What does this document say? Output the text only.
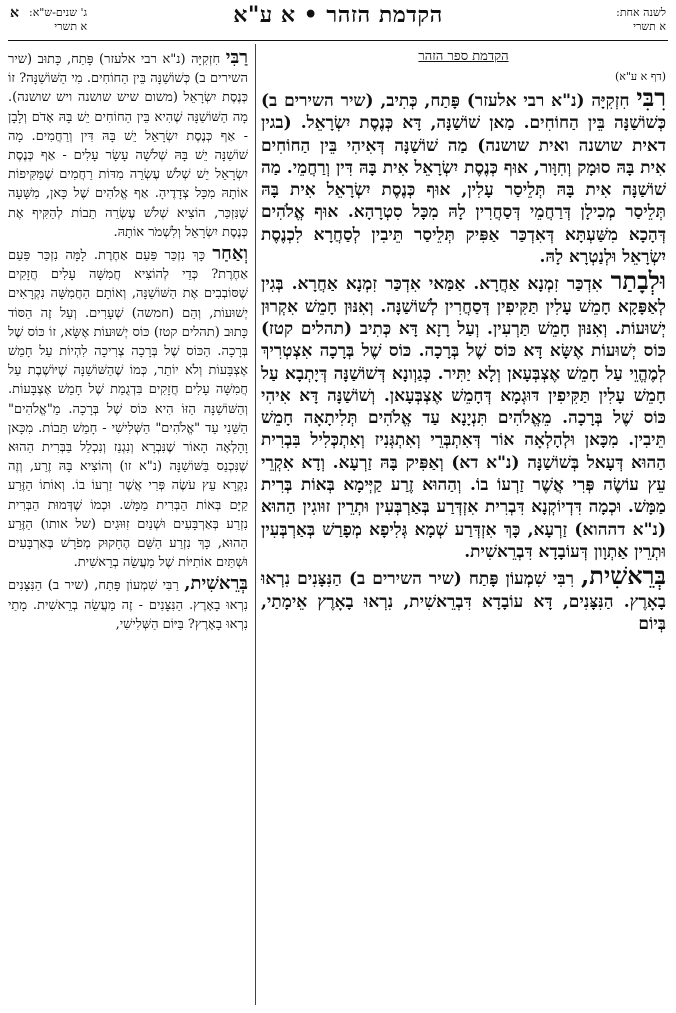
לשנה אחת:
א תשרי
הקדמת הזהר • א ע"א
ג' שנים-ש"א:
א תשרי
א
הקדמת ספר הזהר
(דף א ע"א)

רִבִּי חִזְקִיָּה (נ"א רבי אלעזר) פָּתַח, כְּתִיב, (שיר השירים ב) כְּשׁוֹשַׁנָּה בֵּין הַחוֹחִים. מַאן שׁוֹשַׁנָּה, דָּא כְּנֶסֶת יִשְׂרָאֵל. (בגין דאית שושנה ואית שושנה) מַה שׁוֹשַׁנָּה דְּאִיהִי בֵּין הַחוֹחִים אִית בָּהּ סוּמָק וְחִוָּור, אוּף כְּנֶסֶת יִשְׂרָאֵל אִית בָּהּ דִּין וְרַחֲמֵי. מַה שׁוֹשַׁנָּה אִית בָּהּ תְּלֵיסַר עָלִין, אוּף כְּנֶסֶת יִשְׂרָאֵל אִית בָּהּ תְּלֵיסַר מְכִילָן דְּרַחֲמֵי דְּסַחֲרִין לָהּ מִכָּל סִטְרָהָא. אוּף אֱלֹהִים דְּהָכָא מִשַּׁעְתָּא דְּאִדְכַּר אַפִּיק תְּלֵיסַר תֵּיבִין לְסַחֲרָא לִכְנֶסֶת יִשְׂרָאֵל וּלְנַטְרָא לָהּ.

וּלְבָתַר אִדְכַּר זִמְנָא אַחֲרָא. אַמַּאי אִדְכַּר זִמְנָא אַחֲרָא. בְּגִין לְאַפָּקָא חָמֵשׁ עָלִין תַּקִּיפִין דְּסַחֲרִין לְשׁוֹשַׁנָּה. וְאִנּוּן חָמֵשׁ אִקְרוּן יְשׁוּעוֹת. וְאִנּוּן חָמֵשׁ תַּרְעִין. וְעַל רָזָא דָּא כְּתִיב (תהלים קטז) כּוֹס יְשׁוּעוֹת אֶשָּׂא דָּא כּוֹס שֶׁל בְּרָכָה. כּוֹס שֶׁל בְּרָכָה אִצְטְרִיךְ לְמֶהֱוֵי עַל חָמֵשׁ אֶצְבְּעָאן וְלָא יַתִּיר. כְּגַוְונָא דְּשׁוֹשַׁנָּה דְּיָתְבָא עַל חָמֵשׁ עָלִין תַּקִּיפִין דּוּגְמָא דְּחָמֵשׁ אֶצְבְּעָאן. וְשׁוֹשַׁנָּה דָּא אִיהִי כּוֹס שֶׁל בְּרָכָה. מֵאֱלֹהִים תִּנְיָנָא עַד אֱלֹהִים תְּלִיתָאָה חָמֵשׁ תֵּיבִין. מִכָּאן וּלְהָלְאָה אוֹר דְּאִתְבְּרֵי וְאִתְגְּנִיז וְאִתְכְּלִיל בִּבְרִית הַהוּא דְּעָאל בְּשׁוֹשַׁנָּה (נ"א דא) וְאַפִּיק בָּהּ זַרְעָא. וְדָא אִקְרֵי עֵץ עוֹשֶׂה פְּרִי אֲשֶׁר זַרְעוֹ בוֹ. וְהַהוּא זֶרַע קַיְּימָא בְּאוֹת בְּרִית מַמָּשׁ. וּכְמָה דִּדְיוֹקְנָא דִּבְרִית אִזְדְּרַע בְּאַרְבְּעִין וּתְרֵין זוּוגִין הַהוּא (נ"א דההוא) זַרְעָא, כָּךְ אִזְדְּרַע שְׁמָא גְּלִיפָא מְפָרַשׁ בְּאַרְבְּעִין וּתְרֵין אַתְוָון דְּעוֹבָדָא דִּבְרֵאשִׁית.

בְּרֵאשִׁית, רִבִּי שִׁמְעוֹן פָּתַח (שיר השירים ב) הַנִּצָּנִים נִרְאוּ בָאָרֶץ. הַנִּצָּנִים, דָּא עוֹבָדָא דִּבְרֵאשִׁית, נִרְאוּ בָאָרֶץ אֵימָתַי, בְּיוֹם

רַבִּי חִזְקִיָּה (נ"א רבי אלעזר) פָּתַח, כָּתוּב (שיר השירים ב) כְּשׁוֹשַׁנָּה בֵּין הַחוֹחִים. מִי הַשּׁוֹשַׁנָּה? זוֹ כְּנֶסֶת יִשְׂרָאֵל (משום שיש שושנה ויש שושנה). מָה הַשּׁוֹשַׁנָּה שֶׁהִיא בֵּין הַחוֹחִים יֵשׁ בָּהּ אָדֹם וְלָבָן - אַף כְּנֶסֶת יִשְׂרָאֵל יֵשׁ בָּהּ דִּין וְרַחֲמִים. מָה שׁוֹשַׁנָּה יֵשׁ בָּהּ שְׁלֹשָׁה עָשָׂר עָלִים - אַף כְּנֶסֶת יִשְׂרָאֵל יֵשׁ שְׁלֹשׁ עֶשְׂרֵה מִדּוֹת רַחֲמִים שֶׁמַּקִּיפוֹת אוֹתָהּ מִכָּל צְדָדֶיהָ. אַף אֱלֹהִים שֶׁל כָּאן, מִשָּׁעָה שֶׁנִּזְכַּר, הוֹצִיא שְׁלֹשׁ עֶשְׂרֵה תֵבוֹת לְהַקִּיף אֶת כְּנֶסֶת יִשְׂרָאֵל וְלִשְׁמֹר אוֹתָהּ.

וְאַחַר כָּךְ נִזְכַּר פַּעַם אַחֶרֶת. לָמָּה נִזְכַּר פַּעַם אַחֶרֶת? כְּדֵי לְהוֹצִיא חֲמִשָּׁה עָלִים חֲזָקִים שֶׁסּוֹבְבִים אֶת הַשּׁוֹשַׁנָּה, וְאוֹתָם הַחֲמִשָּׁה נִקְרָאִים יְשׁוּעוֹת, וְהֵם (חמשה) שְׁעָרִים. וְעַל זֶה הַסּוֹד כָּתוּב (תהלים קטז) כּוֹס יְשׁוּעוֹת אֶשָּׂא, זוֹ כּוֹס שֶׁל בְּרָכָה. הַכּוֹס שֶׁל בְּרָכָה צְרִיכָה לִהְיוֹת עַל חָמֵשׁ אֶצְבָּעוֹת וְלֹא יוֹתֵר, כְּמוֹ שֶׁהַשּׁוֹשַׁנָּה שֶׁיּוֹשֶׁבֶת עַל חֲמִשָּׁה עָלִים חֲזָקִים בִּדְגֻמַת שֶׁל חָמֵשׁ אֶצְבָּעוֹת. וְהַשּׁוֹשַׁנָּה הַזּוֹ הִיא כּוֹס שֶׁל בְּרָכָה. מֵ"אֱלֹהִים" הַשֵּׁנִי עַד "אֱלֹהִים" הַשְּׁלִישִׁי - חָמֵשׁ תֵּבוֹת. מִכָּאן וָהָלְאָה הָאוֹר שֶׁנִּבְרָא וְנִגְנַז וְנִכְלַל בַּבְּרִית הַהוּא שֶׁנִּכְנַס בַּשּׁוֹשַׁנָּה (נ"א זו) וְהוֹצִיא בָּהּ זֶרַע, וְזֶה נִקְרָא עֵץ עֹשֶׂה פְּרִי אֲשֶׁר זַרְעוֹ בוֹ. וְאוֹתוֹ הַזֶּרַע קַיָּם בְּאוֹת הַבְּרִית מַמָּשׁ. וּכְמוֹ שֶׁדְּמוּת הַבְּרִית נִזְרַע בְּאַרְבָּעִים וּשְׁנַיִם זִוּוּגִים (של אותו) הַזֶּרַע הַהוּא, כָּךְ נִזְרַע הַשֵּׁם הֶחָקוּק מְפֹרָשׁ בְּאַרְבָּעִים וּשְׁתַּיִם אוֹתִיּוֹת שֶׁל מַעֲשֵׂה בְרֵאשִׁית.

בְּרֵאשִׁית, רַבִּי שִׁמְעוֹן פָּתַח, (שיר ב) הַנִּצָּנִים נִרְאוּ בָאָרֶץ. הַנִּצָּנִים - זֶה מַעֲשֵׂה בְרֵאשִׁית. מָתַי נִרְאוּ בָאָרֶץ? בַּיּוֹם הַשְּׁלִישִׁי,
